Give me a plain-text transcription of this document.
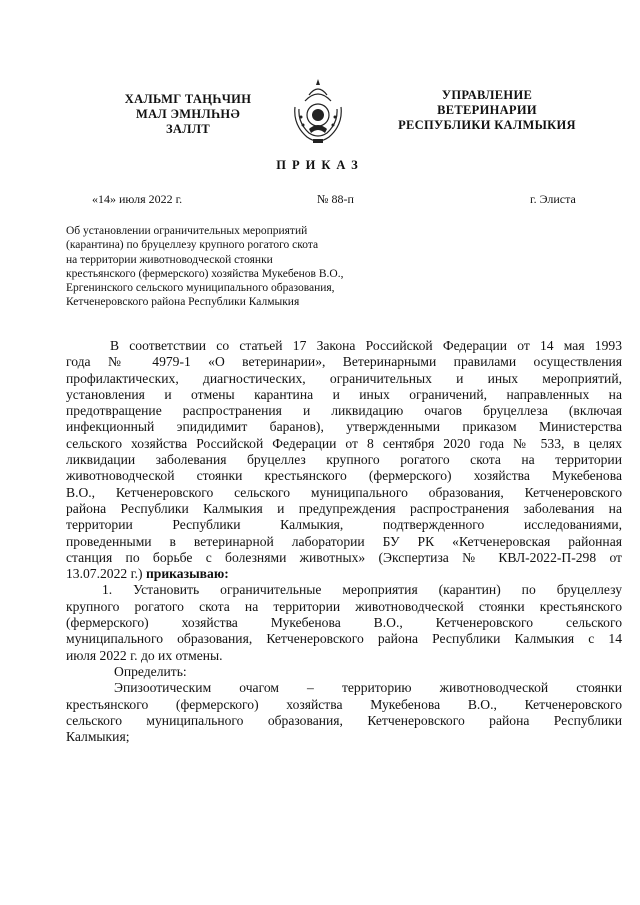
ХАЛЬМГ ТАҢҺЧИН
МАЛ ЭМНЛҺНӘ
ЗАЛЛТ
УПРАВЛЕНИЕ
ВЕТЕРИНАРИИ
РЕСПУБЛИКИ КАЛМЫКИЯ
ПРИКАЗ
«14» июля 2022 г.	№ 88-п	г. Элиста
Об установлении ограничительных мероприятий
(карантина) по бруцеллезу крупного рогатого скота
на территории животноводческой стоянки
крестьянского (фермерского) хозяйства Мукебенов В.О.,
Ергенинского сельского муниципального образования,
Кетченеровского района Республики Калмыкия
В соответствии со статьей 17 Закона Российской Федерации от 14 мая 1993
года № 4979-1 «О ветеринарии», Ветеринарными правилами осуществления
профилактических, диагностических, ограничительных и иных мероприятий,
установления и отмены карантина и иных ограничений, направленных на
предотвращение распространения и ликвидацию очагов бруцеллеза (включая
инфекционный эпидидимит баранов), утвержденными приказом Министерства
сельского хозяйства Российской Федерации от 8 сентября 2020 года № 533, в целях
ликвидации заболевания бруцеллез крупного рогатого скота на территории
животноводческой стоянки крестьянского (фермерского) хозяйства Мукебенова
В.О., Кетченеровского сельского муниципального образования, Кетченеровского
района Республики Калмыкия и предупреждения распространения заболевания на
территории Республики Калмыкия, подтвержденного исследованиями,
проведенными в ветеринарной лаборатории БУ РК «Кетченеровская районная
станция по борьбе с болезнями животных» (Экспертиза № КВЛ-2022-П-298 от
13.07.2022 г.) приказываю:
1. Установить ограничительные мероприятия (карантин) по бруцеллезу
крупного рогатого скота на территории животноводческой стоянки крестьянского
(фермерского) хозяйства Мукебенова В.О., Кетченеровского сельского
муниципального образования, Кетченеровского района Республики Калмыкия с 14
июля 2022 г. до их отмены.
Определить:
Эпизоотическим очагом – территорию животноводческой стоянки
крестьянского (фермерского) хозяйства Мукебенова В.О., Кетченеровского
сельского муниципального образования, Кетченеровского района Республики
Калмыкия;
